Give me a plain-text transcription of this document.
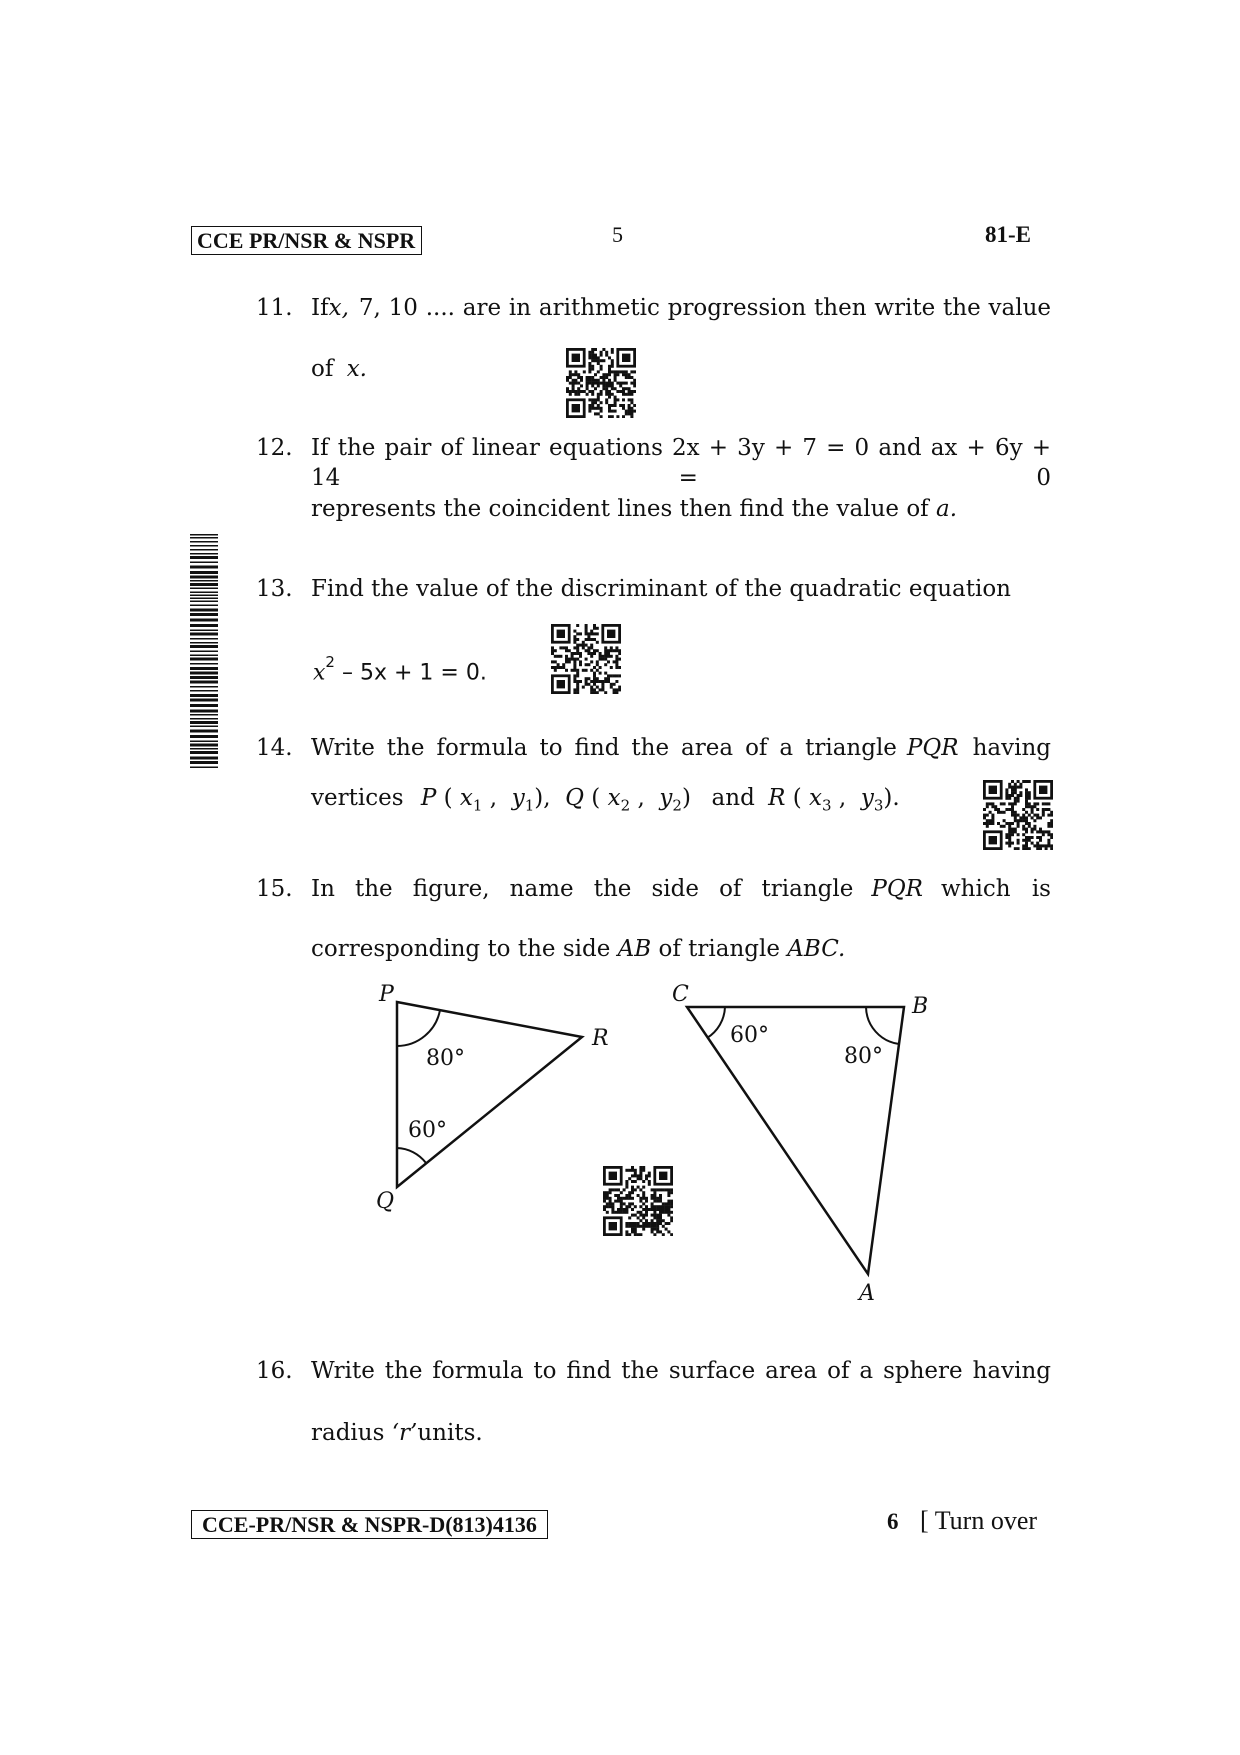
CCE PR/NSR & NSPR	5	81-E
11. If x, 7, 10 .... are in arithmetic progression then write the value
of x.
12. If the pair of linear equations 2x + 3y + 7 = 0 and ax + 6y + 14 = 0
represents the coincident lines then find the value of a.
13. Find the value of the discriminant of the quadratic equation
$x^2 - 5x + 1 = 0$.
14. Write the formula to find the area of a triangle PQR having
vertices P ( $x_1$ ,  $y_1$),  Q ( $x_2$ ,  $y_2$)  and R ( $x_3$ ,  $y_3$).
15. In the figure, name the side of triangle PQR which is
corresponding to the side AB of triangle ABC.
P
Q
R
80°
60°
C	B
A
60°
80°
16. Write the formula to find the surface area of a sphere having
radius ‘r’units.
CCE-PR/NSR & NSPR-D(813)4136	6 [ Turn over
